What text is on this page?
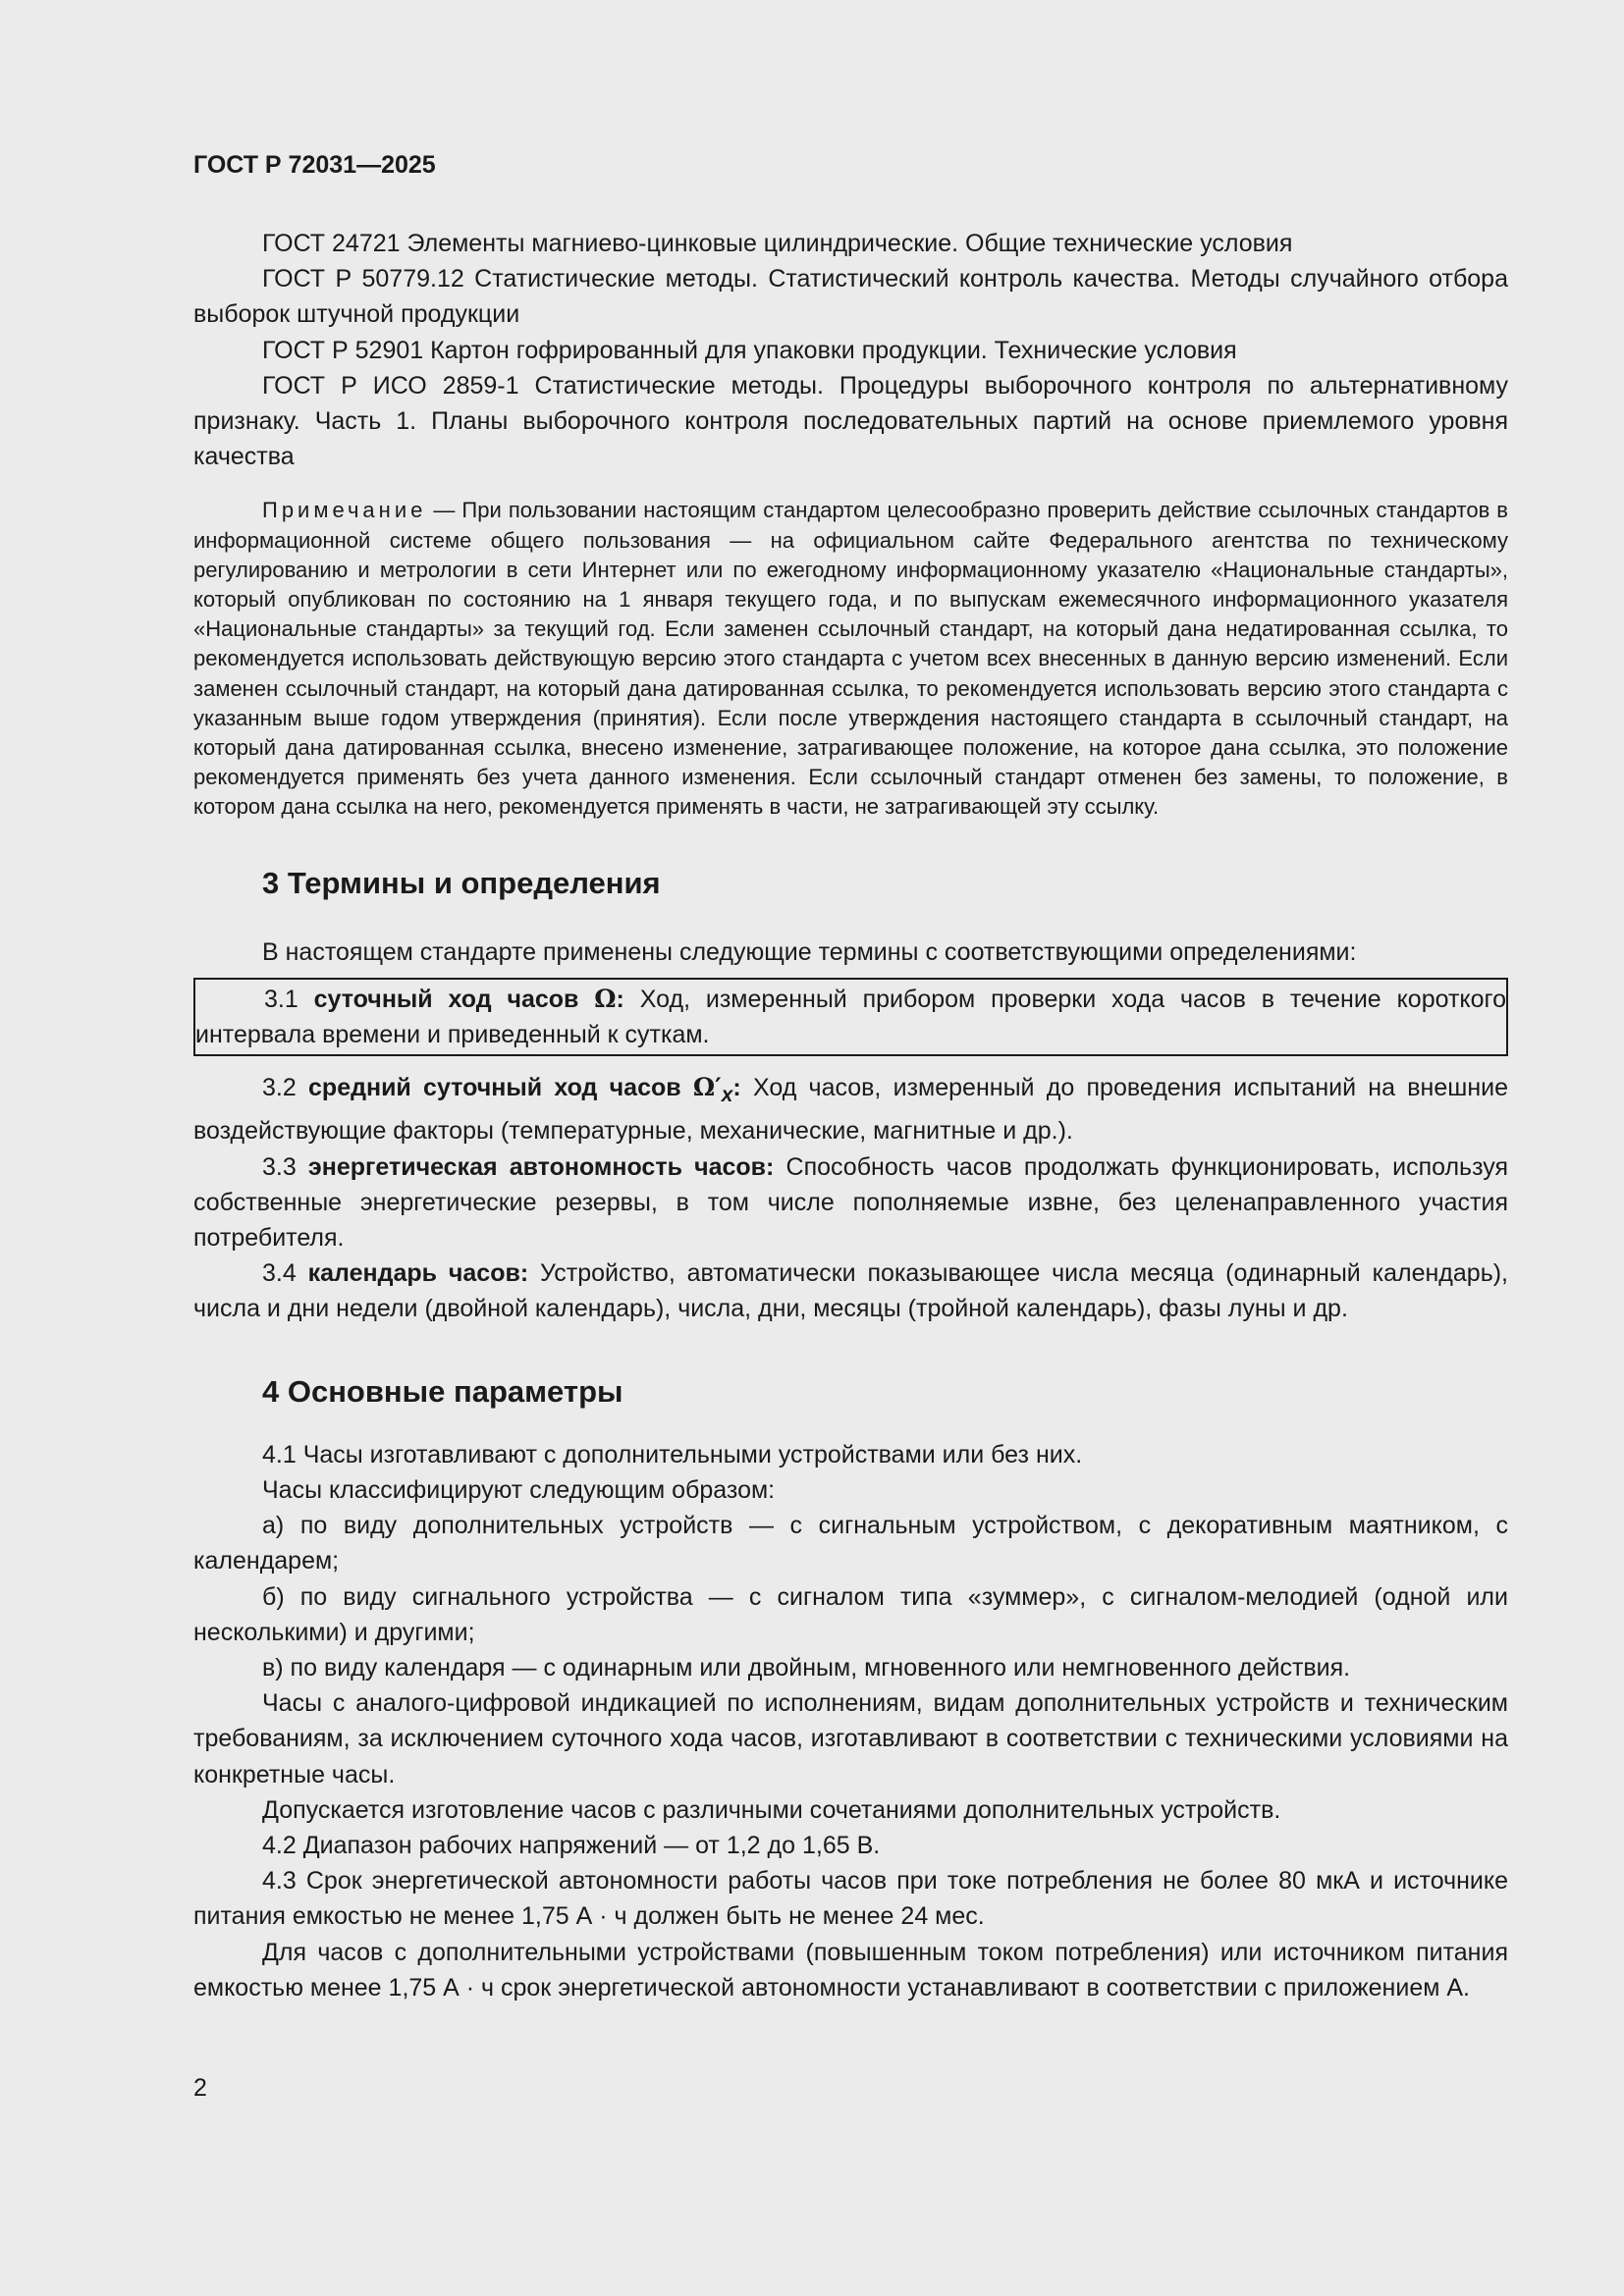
ГОСТ Р 72031—2025

ГОСТ 24721 Элементы магниево-цинковые цилиндрические. Общие технические условия

ГОСТ Р 50779.12 Статистические методы. Статистический контроль качества. Методы случайного отбора выборок штучной продукции

ГОСТ Р 52901 Картон гофрированный для упаковки продукции. Технические условия

ГОСТ Р ИСО 2859-1 Статистические методы. Процедуры выборочного контроля по альтернативному признаку. Часть 1. Планы выборочного контроля последовательных партий на основе приемлемого уровня качества

Примечание — При пользовании настоящим стандартом целесообразно проверить действие ссылочных стандартов в информационной системе общего пользования — на официальном сайте Федерального агентства по техническому регулированию и метрологии в сети Интернет или по ежегодному информационному указателю «Национальные стандарты», который опубликован по состоянию на 1 января текущего года, и по выпускам ежемесячного информационного указателя «Национальные стандарты» за текущий год. Если заменен ссылочный стандарт, на который дана недатированная ссылка, то рекомендуется использовать действующую версию этого стандарта с учетом всех внесенных в данную версию изменений. Если заменен ссылочный стандарт, на который дана датированная ссылка, то рекомендуется использовать версию этого стандарта с указанным выше годом утверждения (принятия). Если после утверждения настоящего стандарта в ссылочный стандарт, на который дана датированная ссылка, внесено изменение, затрагивающее положение, на которое дана ссылка, это положение рекомендуется применять без учета данного изменения. Если ссылочный стандарт отменен без замены, то положение, в котором дана ссылка на него, рекомендуется применять в части, не затрагивающей эту ссылку.

3 Термины и определения

В настоящем стандарте применены следующие термины с соответствующими определениями:

3.1 суточный ход часов Ω: Ход, измеренный прибором проверки хода часов в течение короткого интервала времени и приведенный к суткам.

3.2 средний суточный ход часов $\Omega'_x$: Ход часов, измеренный до проведения испытаний на внешние воздействующие факторы (температурные, механические, магнитные и др.).

3.3 энергетическая автономность часов: Способность часов продолжать функционировать, используя собственные энергетические резервы, в том числе пополняемые извне, без целенаправленного участия потребителя.

3.4 календарь часов: Устройство, автоматически показывающее числа месяца (одинарный календарь), числа и дни недели (двойной календарь), числа, дни, месяцы (тройной календарь), фазы луны и др.

4 Основные параметры

4.1 Часы изготавливают с дополнительными устройствами или без них.

Часы классифицируют следующим образом:

а) по виду дополнительных устройств — с сигнальным устройством, с декоративным маятником, с календарем;

б) по виду сигнального устройства — с сигналом типа «зуммер», с сигналом-мелодией (одной или несколькими) и другими;

в) по виду календаря — с одинарным или двойным, мгновенного или немгновенного действия.

Часы с аналого-цифровой индикацией по исполнениям, видам дополнительных устройств и техническим требованиям, за исключением суточного хода часов, изготавливают в соответствии с техническими условиями на конкретные часы.

Допускается изготовление часов с различными сочетаниями дополнительных устройств.

4.2 Диапазон рабочих напряжений — от 1,2 до 1,65 В.

4.3 Срок энергетической автономности работы часов при токе потребления не более 80 мкА и источнике питания емкостью не менее 1,75 А · ч должен быть не менее 24 мес.

Для часов с дополнительными устройствами (повышенным током потребления) или источником питания емкостью менее 1,75 А · ч срок энергетической автономности устанавливают в соответствии с приложением А.

2
